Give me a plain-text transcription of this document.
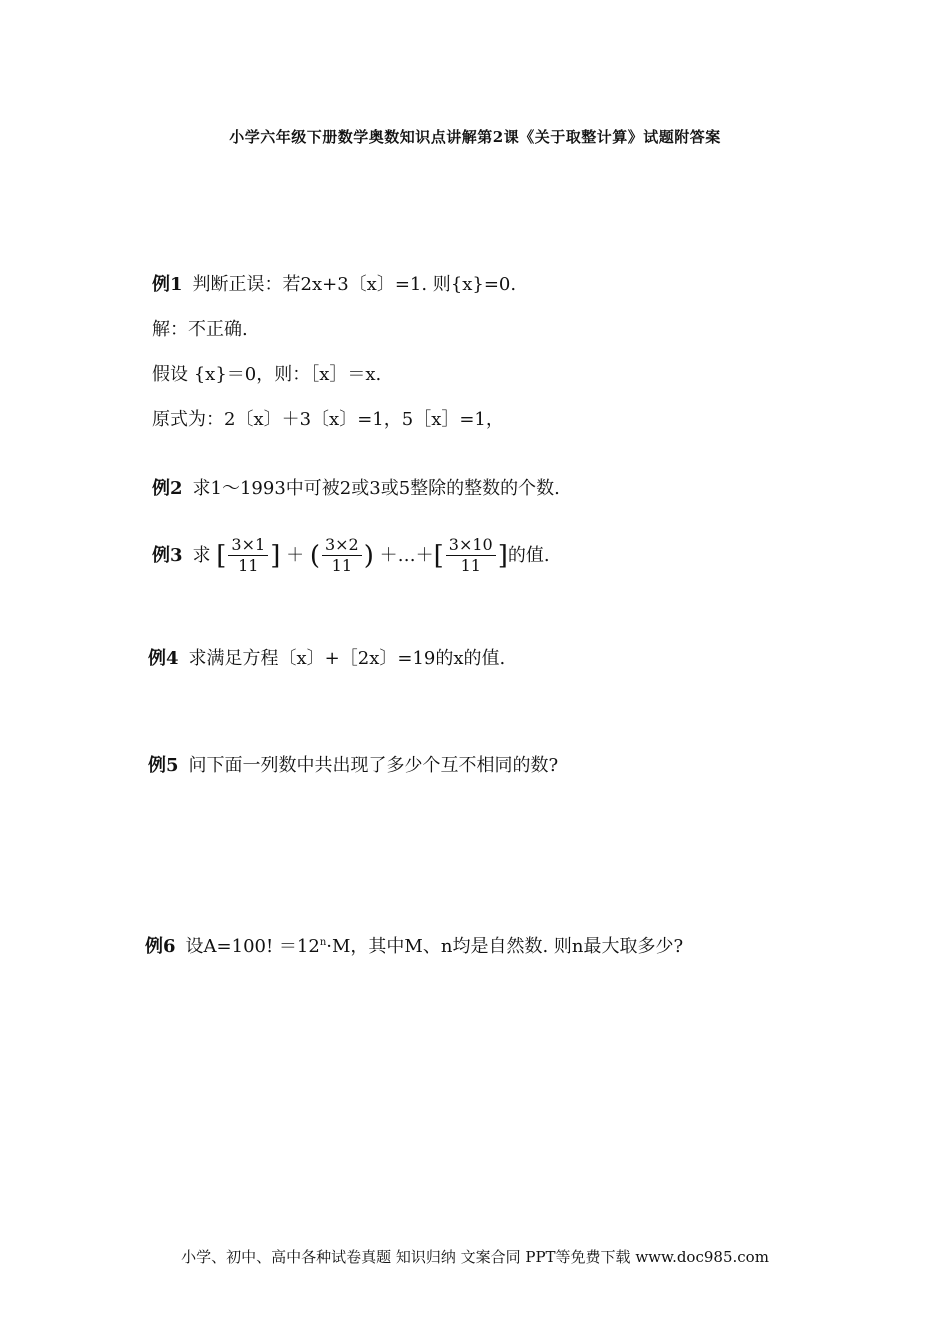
小学六年级下册数学奥数知识点讲解第2课《关于取整计算》试题附答案
例1 判断正误：若2x+3〔x〕=1. 则{x}=0.
解：不正确.
假设 {x}＝0，则：［x］＝x.
原式为：2〔x〕＋3〔x〕=1，5［x］=1，
例2 求1～1993中可被2或3或5整除的整数的个数.
例3 求 [ $\frac{3\times 1}{11}$ ] ＋ ( $\frac{3\times 2}{11}$ ) ＋…＋[ $\frac{3\times 10}{11}$ ]的值.
例4 求满足方程〔x〕+［2x〕=19的x的值.
例5 问下面一列数中共出现了多少个互不相同的数?
例6 设A=100! $=12^n\cdot M$，其中M、n均是自然数. 则n最大取多少?
小学、初中、高中各种试卷真题 知识归纳 文案合同 PPT等免费下载 www.doc985.com
